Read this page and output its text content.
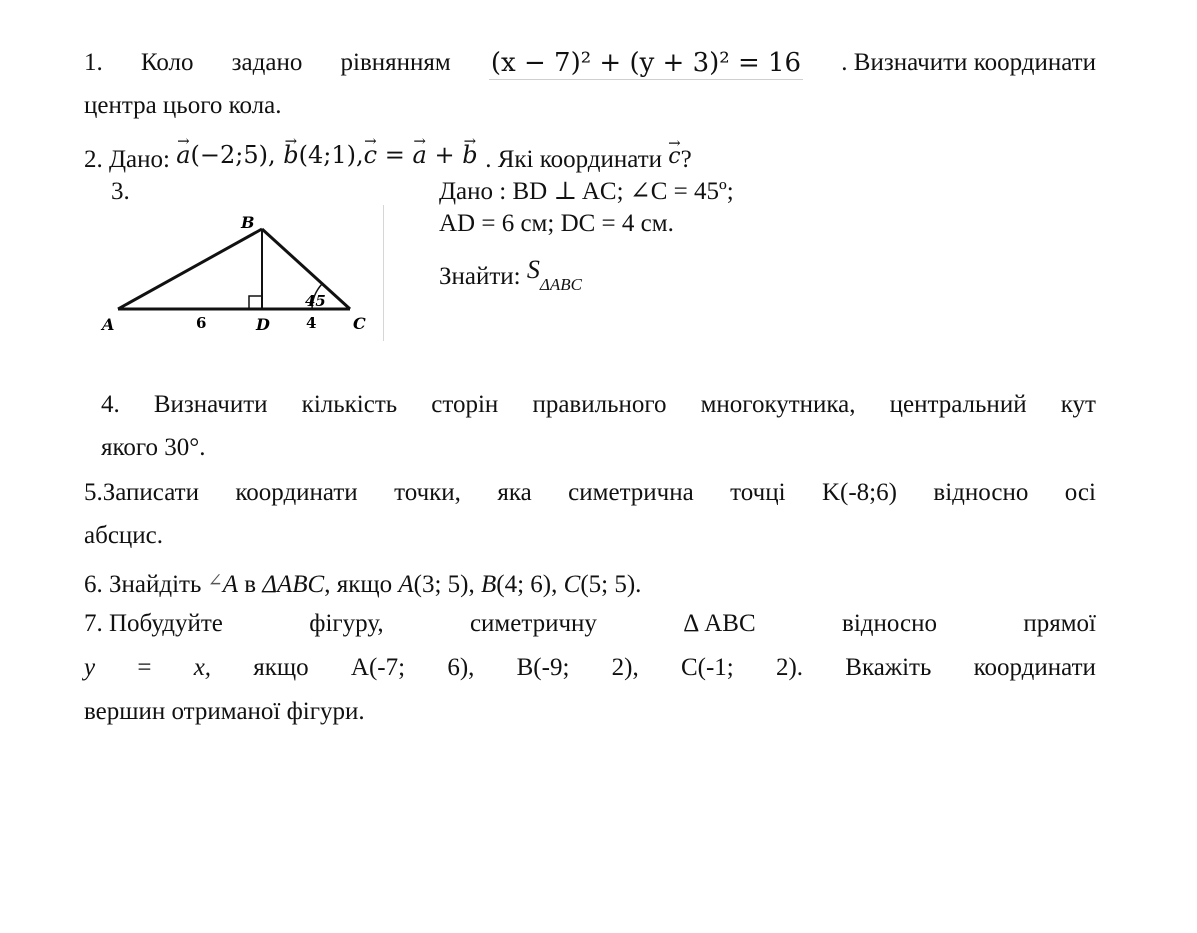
1. Коло задано рівнянням (x − 7)² + (y + 3)² = 16 . Визначити координати
центра цього кола.
2. Дано: → a(−2;5), → b(4;1),→ c = → a + → b . Які координати → c?
3.
45
B
A	6	D 4 C
Дано : BD ⊥ AC; ∠C = 45º;
AD = 6 см; DC = 4 см.
Знайти: $S_{\Delta ABC}$
4. Визначити кількість сторін правильного многокутника, центральний кут
якого 30°.
5.Записати координати точки, яка симетрична точці K(-8;6) відносно осі
абсцис.
6. Знайдіть ∠A в ΔABC, якщо A(3; 5), B(4; 6), C(5; 5).
7. Побудуйте	фігуру,	симетричну	Δ ABC	відносно	прямої
y = x, якщо A(-7; 6), B(-9; 2), C(-1; 2). Вкажіть координати
вершин отриманої фігури.
